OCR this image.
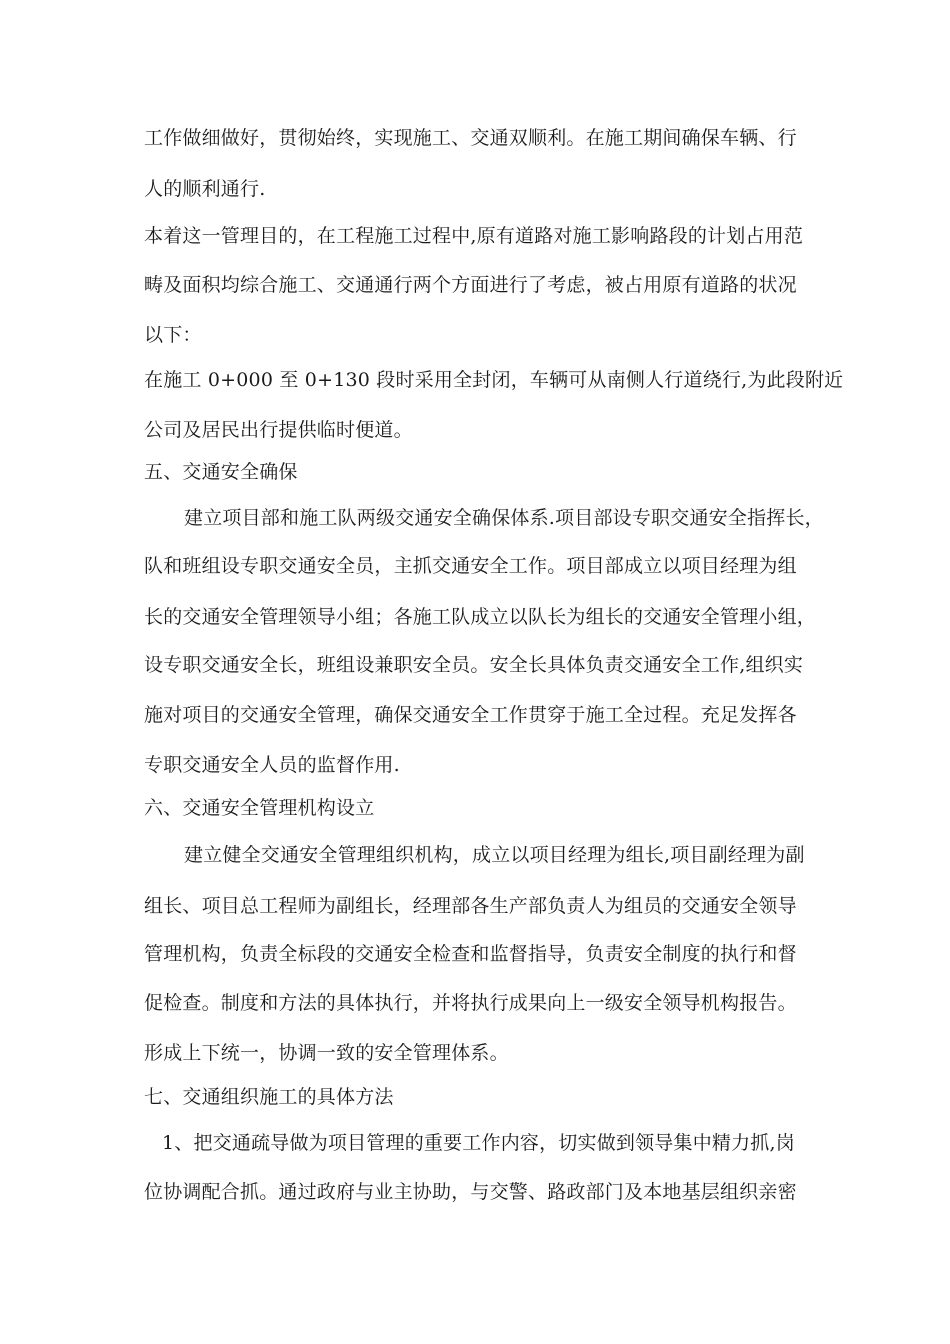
工作做细做好，贯彻始终，实现施工、交通双顺利。在施工期间确保车辆、行
人的顺利通行.
本着这一管理目的，在工程施工过程中,原有道路对施工影响路段的计划占用范
畴及面积均综合施工、交通通行两个方面进行了考虑，被占用原有道路的状况
以下：
在施工 0+000 至 0+130 段时采用全封闭，车辆可从南侧人行道绕行,为此段附近
公司及居民出行提供临时便道。
五、交通安全确保
建立项目部和施工队两级交通安全确保体系.项目部设专职交通安全指挥长，
队和班组设专职交通安全员，主抓交通安全工作。项目部成立以项目经理为组
长的交通安全管理领导小组；各施工队成立以队长为组长的交通安全管理小组，
设专职交通安全长，班组设兼职安全员。安全长具体负责交通安全工作,组织实
施对项目的交通安全管理，确保交通安全工作贯穿于施工全过程。充足发挥各
专职交通安全人员的监督作用.
六、交通安全管理机构设立
建立健全交通安全管理组织机构，成立以项目经理为组长,项目副经理为副
组长、项目总工程师为副组长，经理部各生产部负责人为组员的交通安全领导
管理机构，负责全标段的交通安全检查和监督指导，负责安全制度的执行和督
促检查。制度和方法的具体执行，并将执行成果向上一级安全领导机构报告。
形成上下统一，协调一致的安全管理体系。
七、交通组织施工的具体方法
1、把交通疏导做为项目管理的重要工作内容，切实做到领导集中精力抓,岗
位协调配合抓。通过政府与业主协助，与交警、路政部门及本地基层组织亲密
